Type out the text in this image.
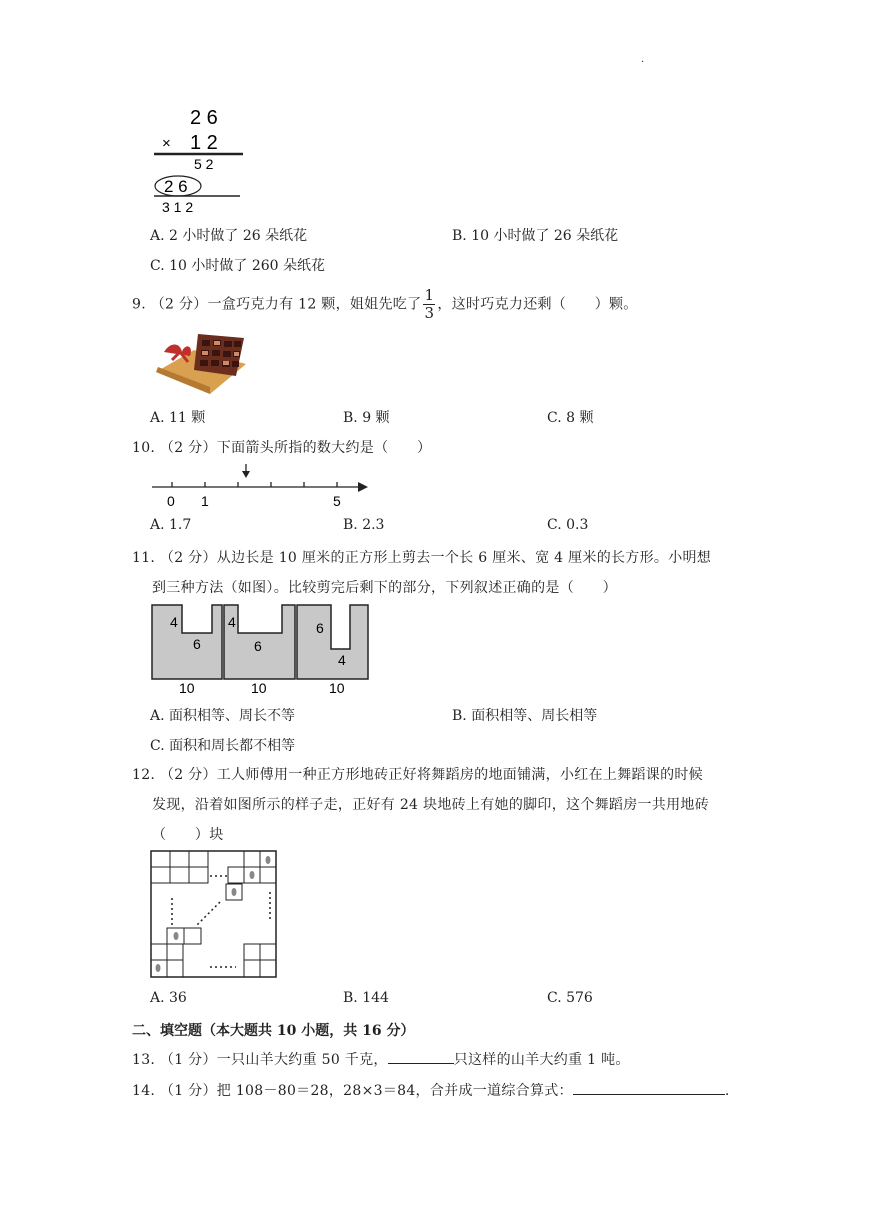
.
2 6
× 1 2
5 2
2 6
3 1 2
A. 2 小时做了 26 朵纸花	B. 10 小时做了 26 朵纸花
C. 10 小时做了 260 朵纸花
9. （2 分）一盒巧克力有 12 颗，姐姐先吃了 $\frac{1}{3}$ ，这时巧克力还剩（　　）颗。
A. 11 颗	B. 9 颗	C. 8 颗
10. （2 分）下面箭头所指的数大约是（　　）
0 1	5
A. 1.7	B. 2.3	C. 0.3
11. （2 分）从边长是 10 厘米的正方形上剪去一个长 6 厘米、宽 4 厘米的长方形。小明想
到三种方法（如图）。比较剪完后剩下的部分，下列叙述正确的是（　　）
4
6
10
4
6
10
6
4
10
A. 面积相等、周长不等	B. 面积相等、周长相等
C. 面积和周长都不相等
12. （2 分）工人师傅用一种正方形地砖正好将舞蹈房的地面铺满，小红在上舞蹈课的时候
发现，沿着如图所示的样子走，正好有 24 块地砖上有她的脚印，这个舞蹈房一共用地砖
（　　）块
A. 36	B. 144	C. 576
二、填空题（本大题共 10 小题，共 16 分）
13. （1 分）一只山羊大约重 50 千克，	只这样的山羊大约重 1 吨。
14. （1 分）把 108－80＝28，28×3＝84，合并成一道综合算式：	.
